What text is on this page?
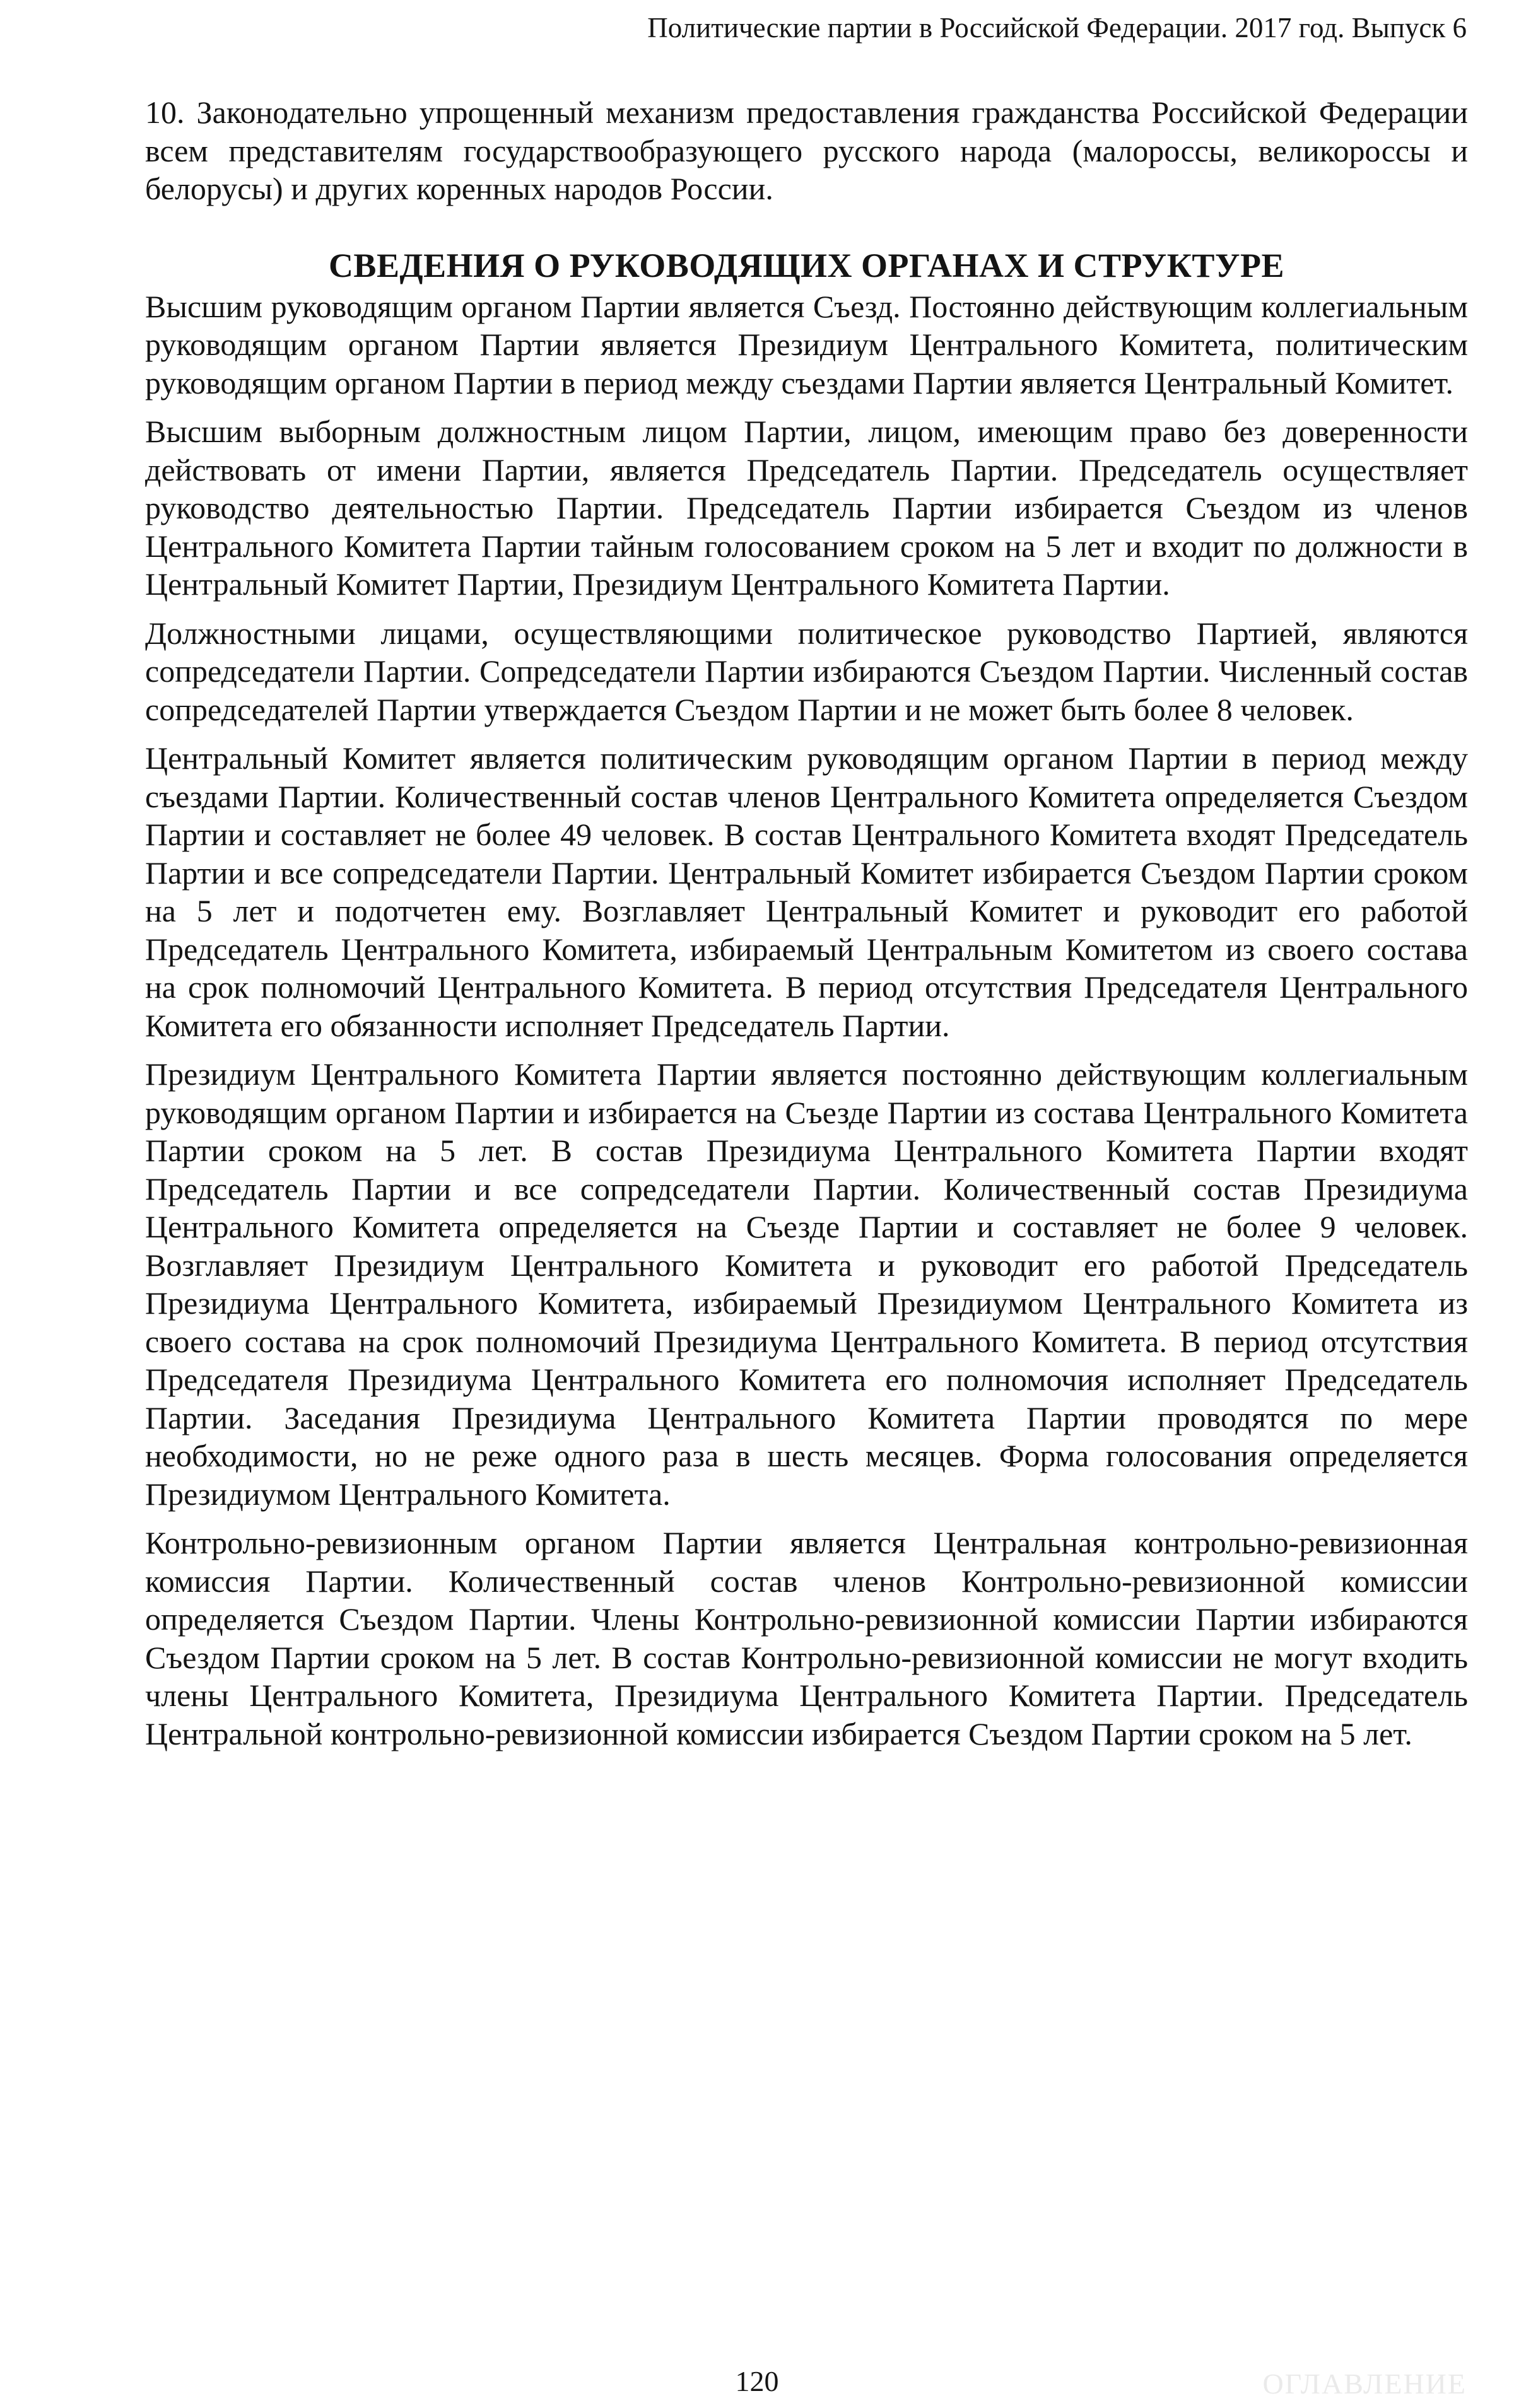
Политические партии в Российской Федерации. 2017 год. Выпуск 6

10. Законодательно упрощенный механизм предоставления гражданства Российской Федерации всем представителям государствообразующего русского народа (малороссы, великороссы и белорусы) и других коренных народов России.

СВЕДЕНИЯ О РУКОВОДЯЩИХ ОРГАНАХ И СТРУКТУРЕ

Высшим руководящим органом Партии является Съезд. Постоянно действующим коллегиальным руководящим органом Партии является Президиум Центрального Комитета, политическим руководящим органом Партии в период между съездами Партии является Центральный Комитет.

Высшим выборным должностным лицом Партии, лицом, имеющим право без доверенности действовать от имени Партии, является Председатель Партии. Председатель осуществляет руководство деятельностью Партии. Председатель Партии избирается Съездом из членов Центрального Комитета Партии тайным голосованием сроком на 5 лет и входит по должности в Центральный Комитет Партии, Президиум Центрального Комитета Партии.

Должностными лицами, осуществляющими политическое руководство Партией, являются сопредседатели Партии. Сопредседатели Партии избираются Съездом Партии. Численный состав сопредседателей Партии утверждается Съездом Партии и не может быть более 8 человек.

Центральный Комитет является политическим руководящим органом Партии в период между съездами Партии. Количественный состав членов Центрального Комитета определяется Съездом Партии и составляет не более 49 человек. В состав Центрального Комитета входят Председатель Партии и все сопредседатели Партии. Центральный Комитет избирается Съездом Партии сроком на 5 лет и подотчетен ему. Возглавляет Центральный Комитет и руководит его работой Председатель Центрального Комитета, избираемый Центральным Комитетом из своего состава на срок полномочий Центрального Комитета. В период отсутствия Председателя Центрального Комитета его обязанности исполняет Председатель Партии.

Президиум Центрального Комитета Партии является постоянно действующим коллегиальным руководящим органом Партии и избирается на Съезде Партии из состава Центрального Комитета Партии сроком на 5 лет. В состав Президиума Центрального Комитета Партии входят Председатель Партии и все сопредседатели Партии. Количественный состав Президиума Центрального Комитета определяется на Съезде Партии и составляет не более 9 человек. Возглавляет Президиум Центрального Комитета и руководит его работой Председатель Президиума Центрального Комитета, избираемый Президиумом Центрального Комитета из своего состава на срок полномочий Президиума Центрального Комитета. В период отсутствия Председателя Президиума Центрального Комитета его полномочия исполняет Председатель Партии. Заседания Президиума Центрального Комитета Партии проводятся по мере необходимости, но не реже одного раза в шесть месяцев. Форма голосования определяется Президиумом Центрального Комитета.

Контрольно-ревизионным органом Партии является Центральная контрольно-ревизионная комиссия Партии. Количественный состав членов Контрольно-ревизионной комиссии определяется Съездом Партии. Члены Контрольно-ревизионной комиссии Партии избираются Съездом Партии сроком на 5 лет. В состав Контрольно-ревизионной комиссии не могут входить члены Центрального Комитета, Президиума Центрального Комитета Партии. Председатель Центральной контрольно-ревизионной комиссии избирается Съездом Партии сроком на 5 лет.

120	ОГЛАВЛЕНИЕ
